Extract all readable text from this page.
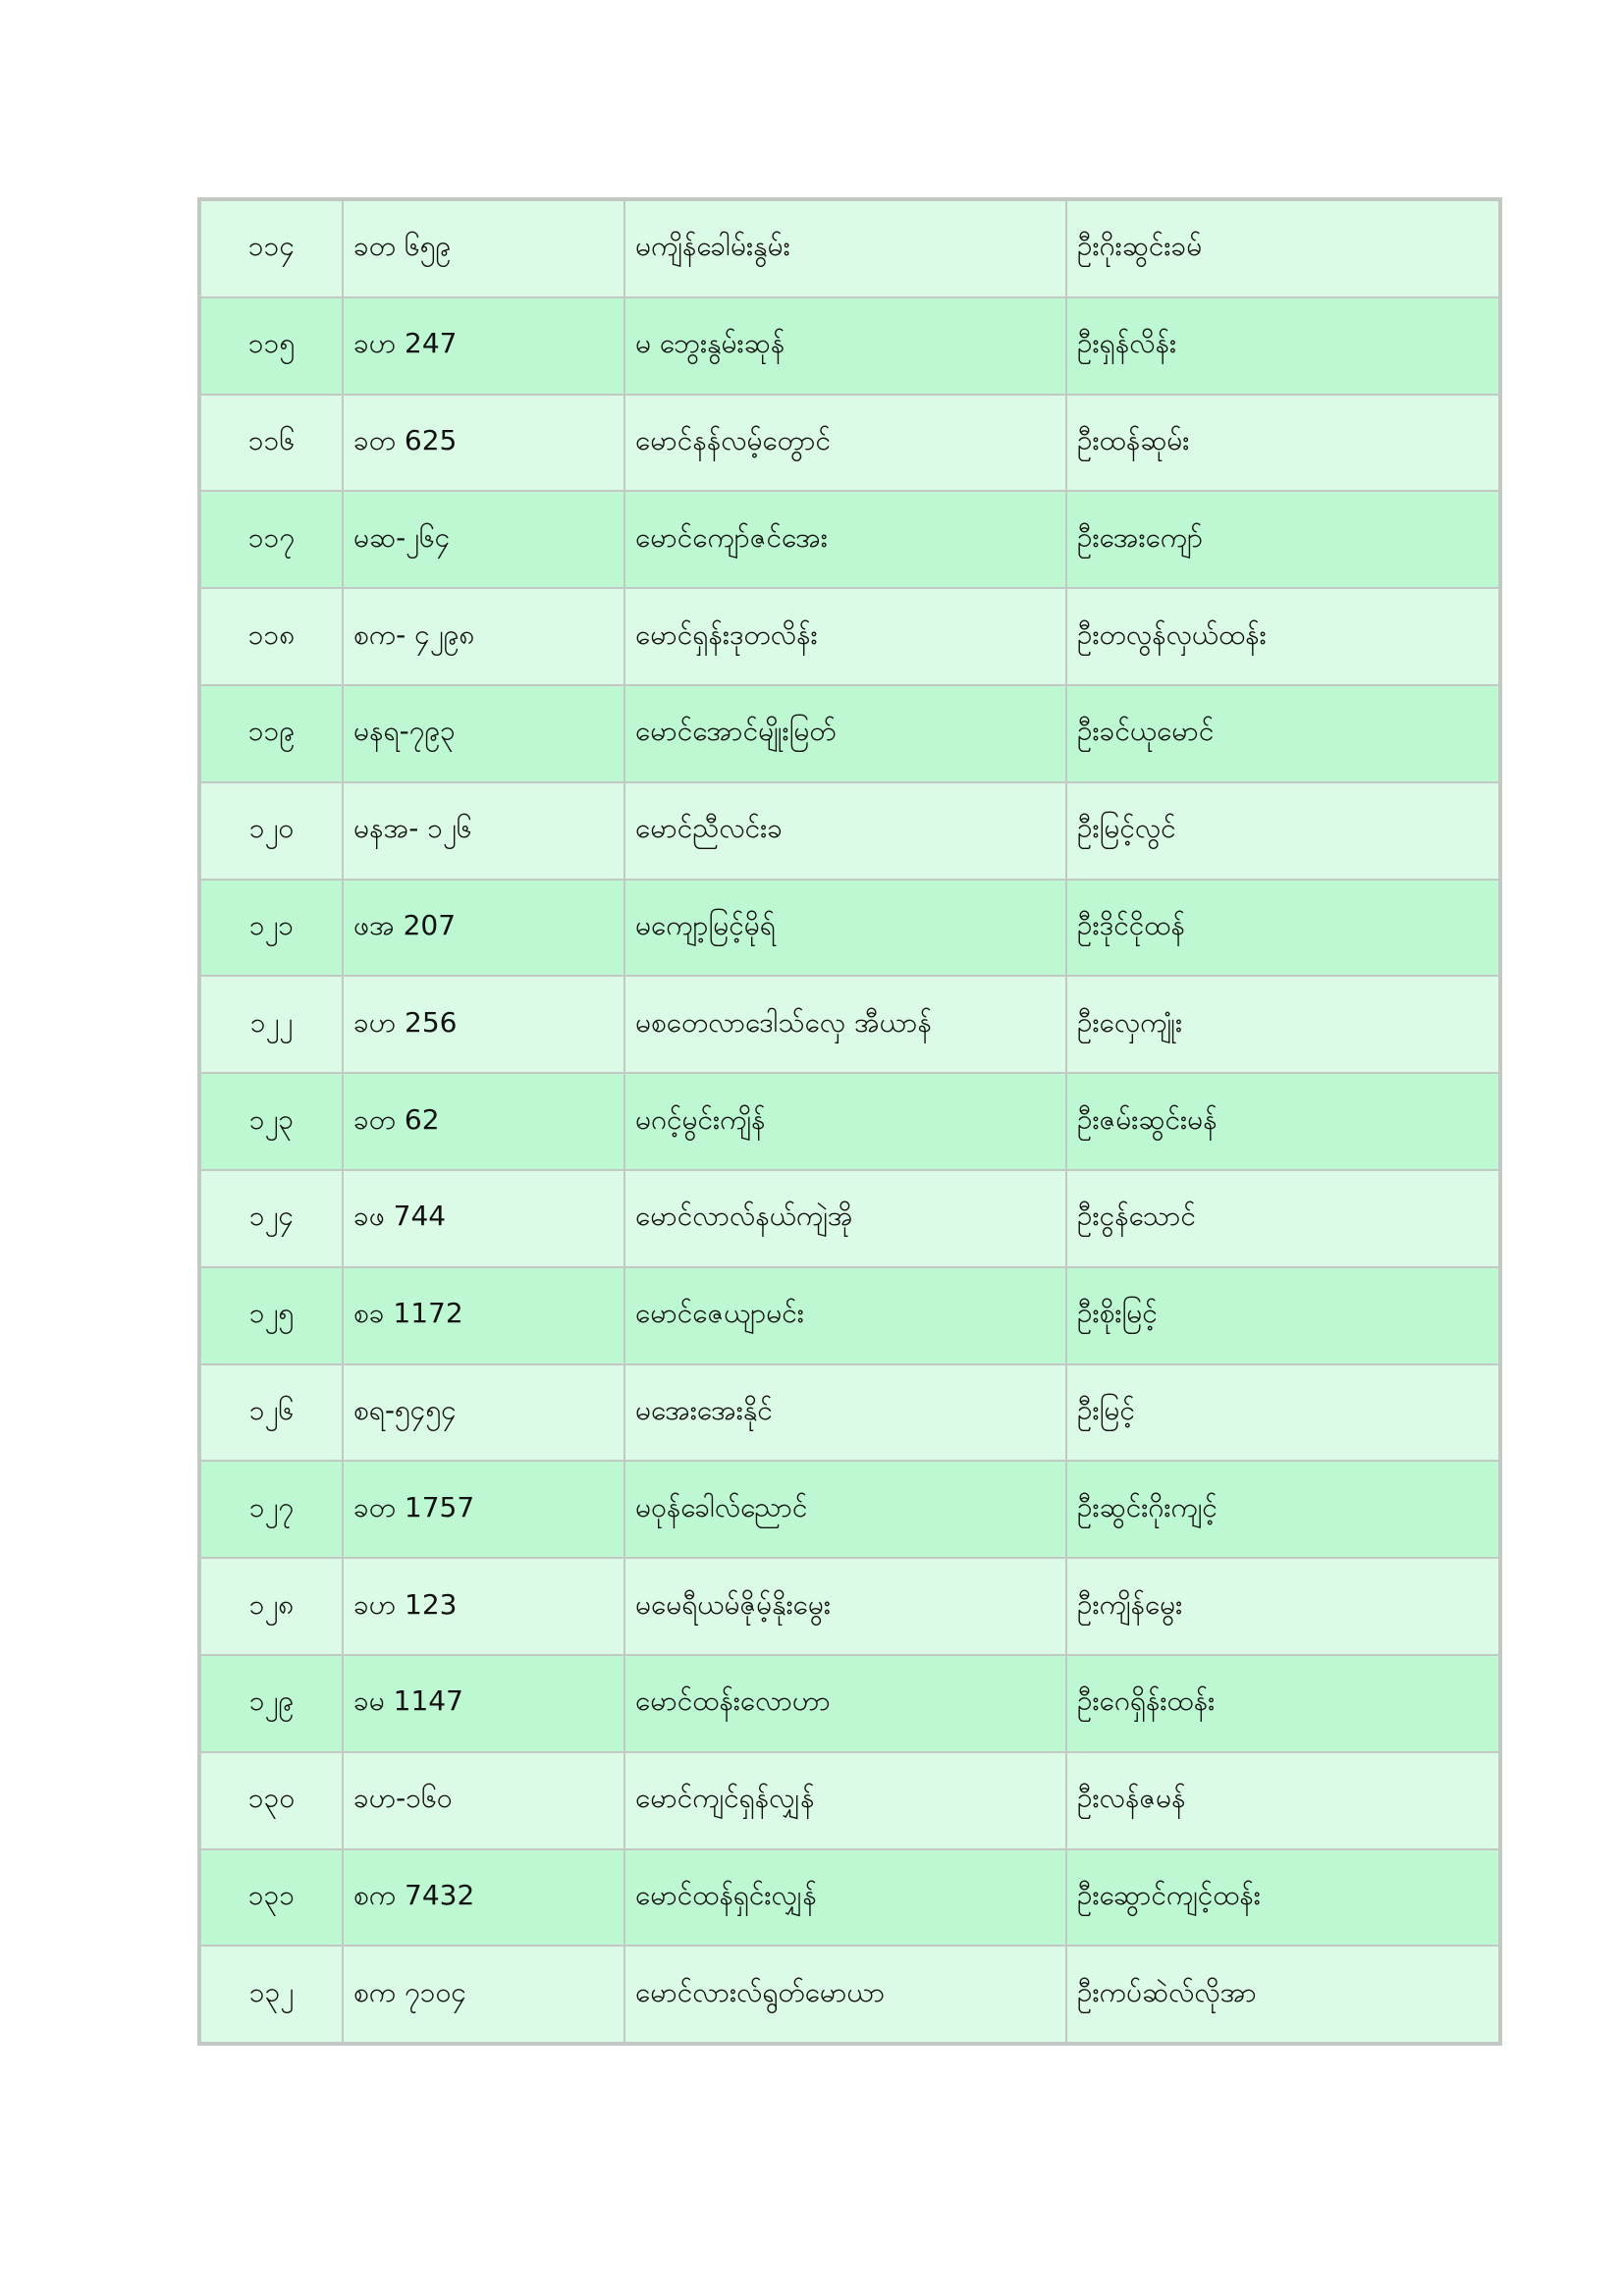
၁၁၄	ခတ ၆၅၉	မကျိန်ခေါမ်းနွမ်း	ဦးဂိုးဆွင်းခမ်
၁၁၅	ခဟ 247	မ ဘွေးနွမ်းဆုန်	ဦးရှန်လိန်း
၁၁၆	ခတ 625	မောင်နန်လမ့်တွောင်	ဦးထန်ဆုမ်း
၁၁၇	မဆ-၂၆၄	မောင်ကျော်ဇင်အေး	ဦးအေးကျော်
၁၁၈	စက- ၄၂၉၈	မောင်ရှန်းဒုတလိန်း	ဦးတလွန်လှယ်ထန်း
၁၁၉	မနရ-၇၉၃	မောင်အောင်မျိုးမြတ်	ဦးခင်ယုမောင်
၁၂၀	မနအ- ၁၂၆	မောင်ညီလင်းခ	ဦးမြင့်လွင်
၁၂၁	ဖအ 207	မကျော့မြင့်မိုရ်	ဦးဒိုင်ငိုထန်
၁၂၂	ခဟ 256	မစတေလာဒေါသ်လှေ အီယာန်	ဦးလှေကျုံး
၁၂၃	ခတ 62	မဂင့်မွင်းကျိန်	ဦးဇမ်းဆွင်းမန်
၁၂၄	ခဖ 744	မောင်လာလ်နယ်ကျဲအို	ဦးငွန်သောင်
၁၂၅	စခ 1172	မောင်ဇေယျာမင်း	ဦးစိုးမြင့်
၁၂၆	စရ-၅၄၅၄	မအေးအေးနိုင်	ဦးမြင့်
၁၂၇	ခတ 1757	မဝုန်ခေါလ်ညောင်	ဦးဆွင်းဂိုးကျင့်
၁၂၈	ခဟ 123	မမေရီယမ်ဇိုမ့်နိုးမွေး	ဦးကျိန်မွေး
၁၂၉	ခမ 1147	မောင်ထန်းလောဟာ	ဦးဂေရှိန်းထန်း
၁၃၀	ခဟ-၁၆၀	မောင်ကျင်ရှန်လျှန်	ဦးလန်ဇမန်
၁၃၁	စက 7432	မောင်ထန်ရှင်းလျှန်	ဦးဆွောင်ကျင့်ထန်း
၁၃၂	စက ၇၁၀၄	မောင်လားလ်ရွတ်မောယာ	ဦးကပ်ဆဲလ်လိုအာ
